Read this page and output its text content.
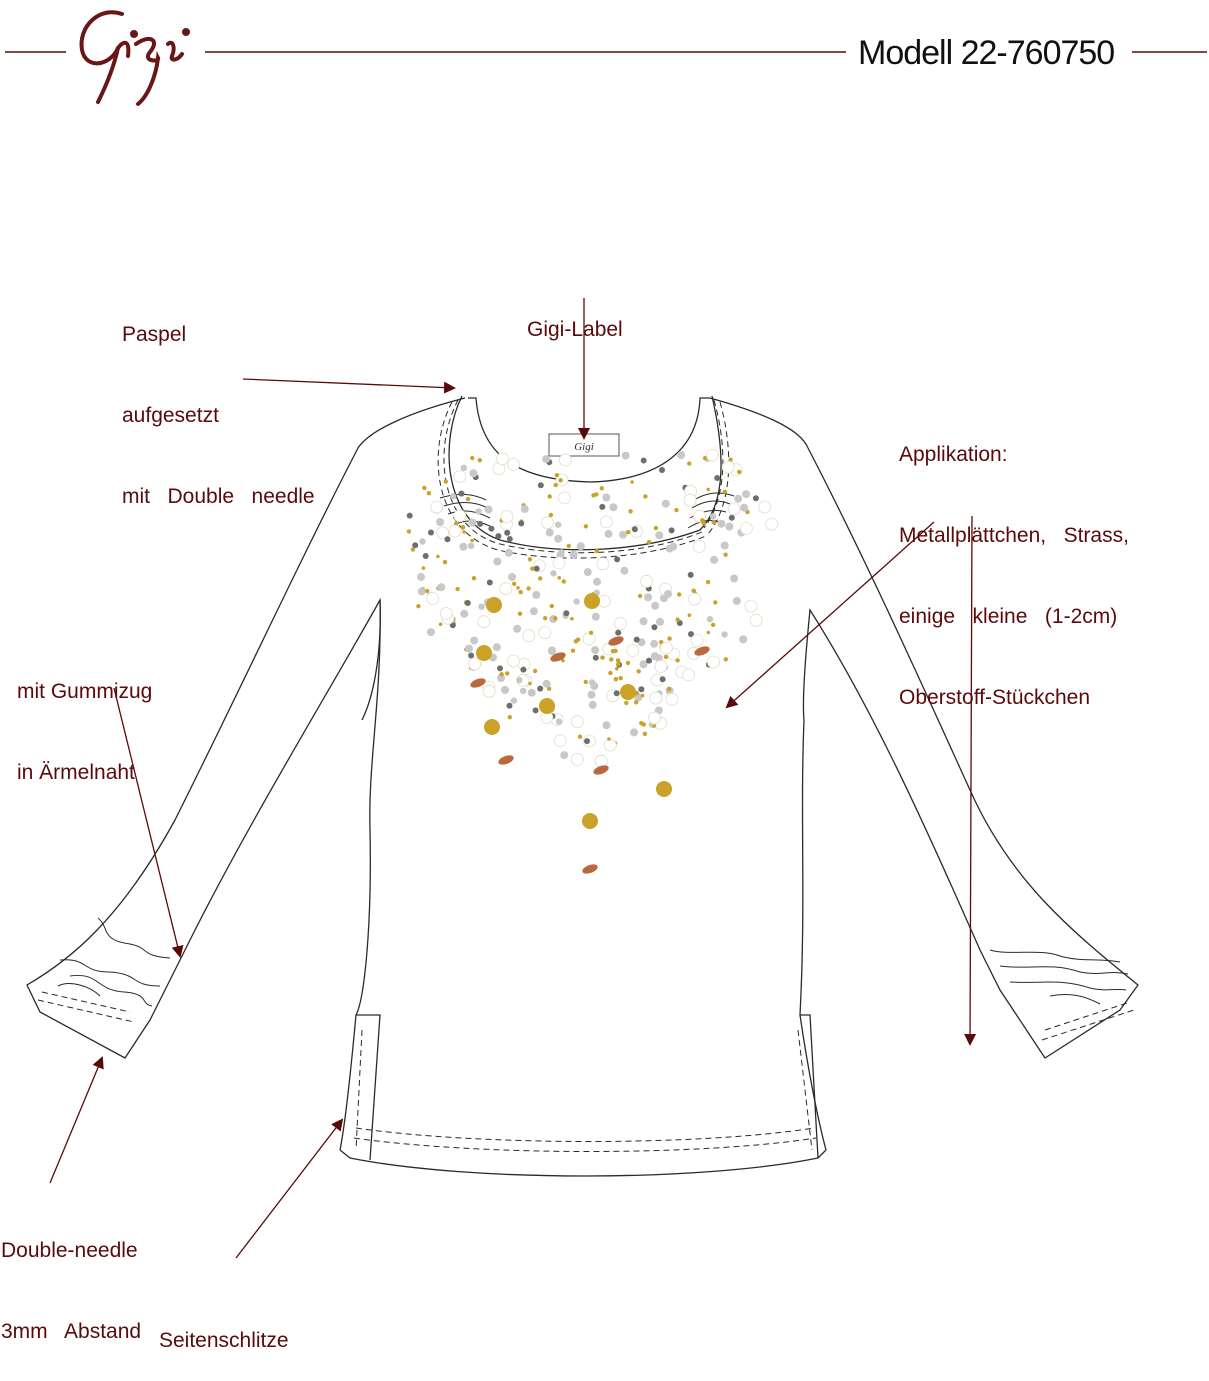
Gigi
Modell 22-760750

Paspel

aufgesetzt

mit   Double   needle

Gigi-Label

Applikation:

Metallplättchen,   Strass,

einige   kleine   (1-2cm)

Oberstoff-Stückchen

mit Gummizug

in Ärmelnaht

Double-needle

3mm   Abstand

Seitenschlitze
